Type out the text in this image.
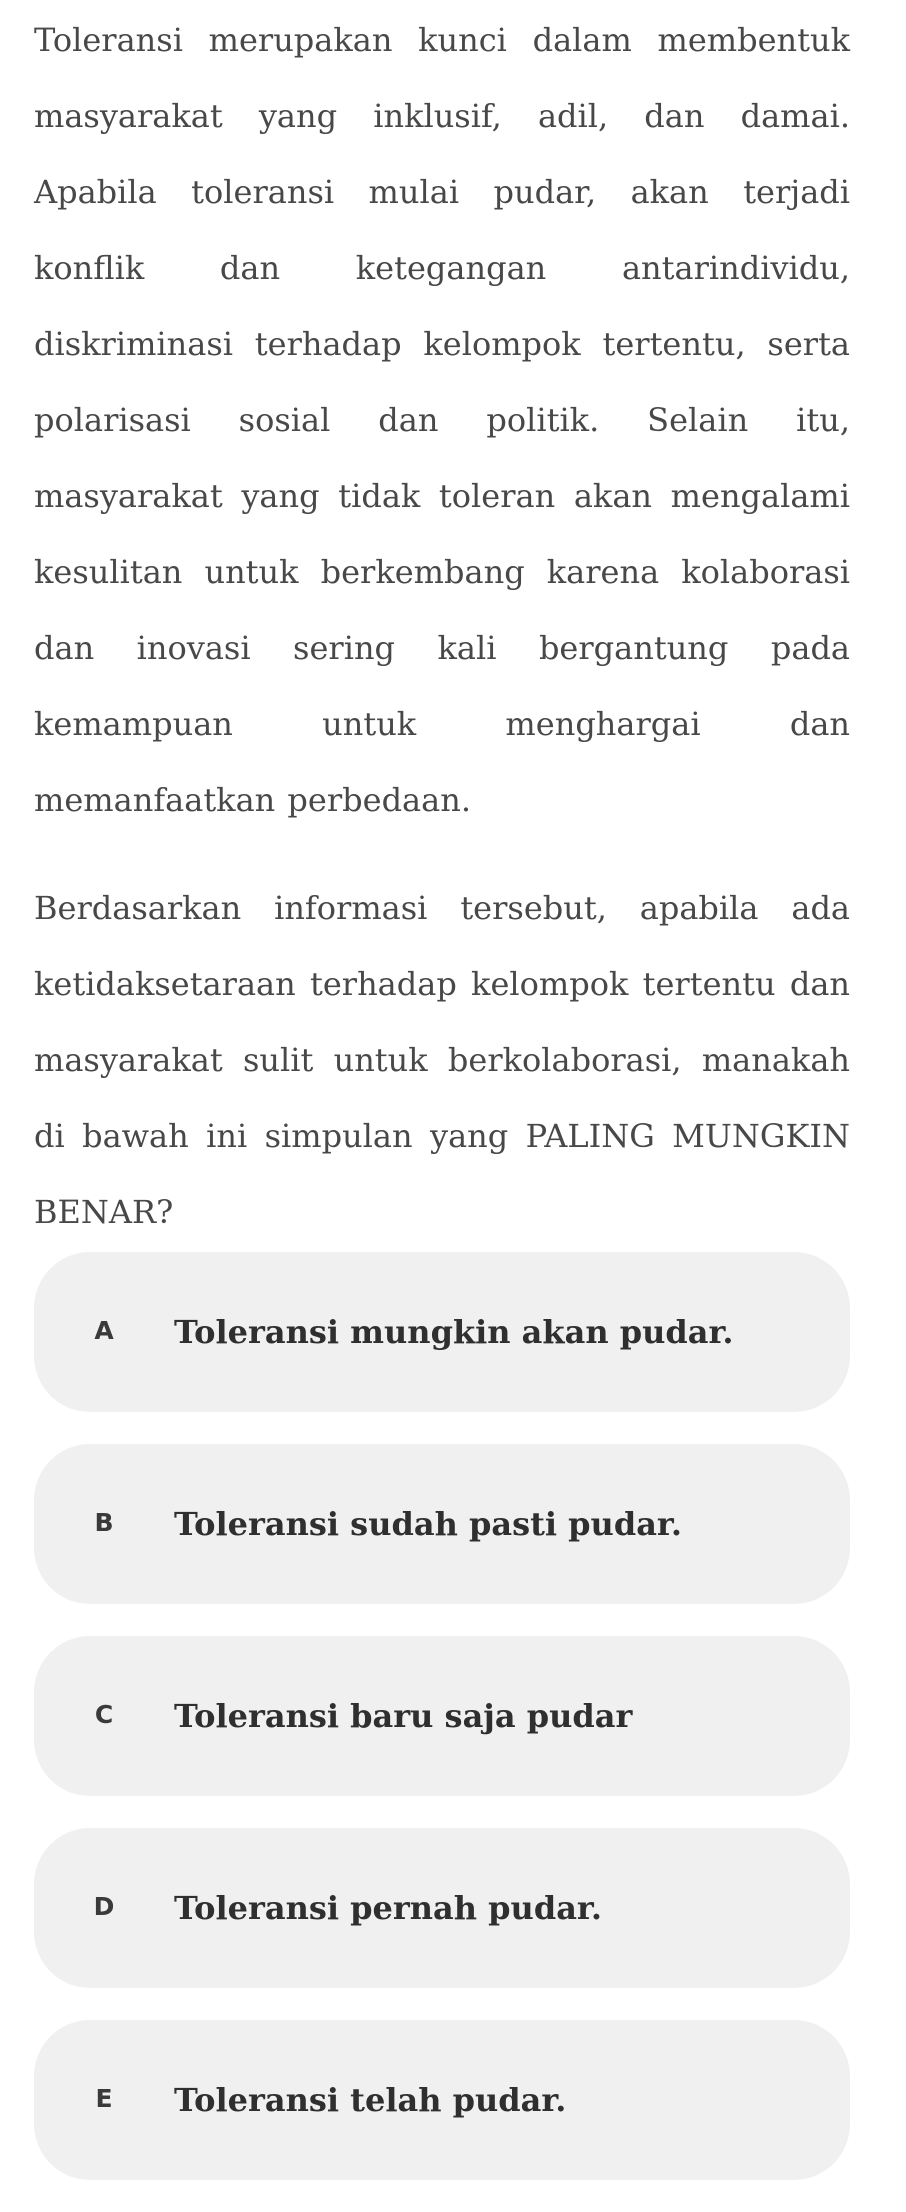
Toleransi merupakan kunci dalam membentuk masyarakat yang inklusif, adil, dan damai. Apabila toleransi mulai pudar, akan terjadi konflik dan ketegangan antarindividu, diskriminasi terhadap kelompok tertentu, serta polarisasi sosial dan politik. Selain itu, masyarakat yang tidak toleran akan mengalami kesulitan untuk berkembang karena kolaborasi dan inovasi sering kali bergantung pada kemampuan untuk menghargai dan memanfaatkan perbedaan.

Berdasarkan informasi tersebut, apabila ada ketidaksetaraan terhadap kelompok tertentu dan masyarakat sulit untuk berkolaborasi, manakah di bawah ini simpulan yang PALING MUNGKIN BENAR?

A	Toleransi mungkin akan pudar.
B	Toleransi sudah pasti pudar.
C	Toleransi baru saja pudar
D	Toleransi pernah pudar.
E	Toleransi telah pudar.
